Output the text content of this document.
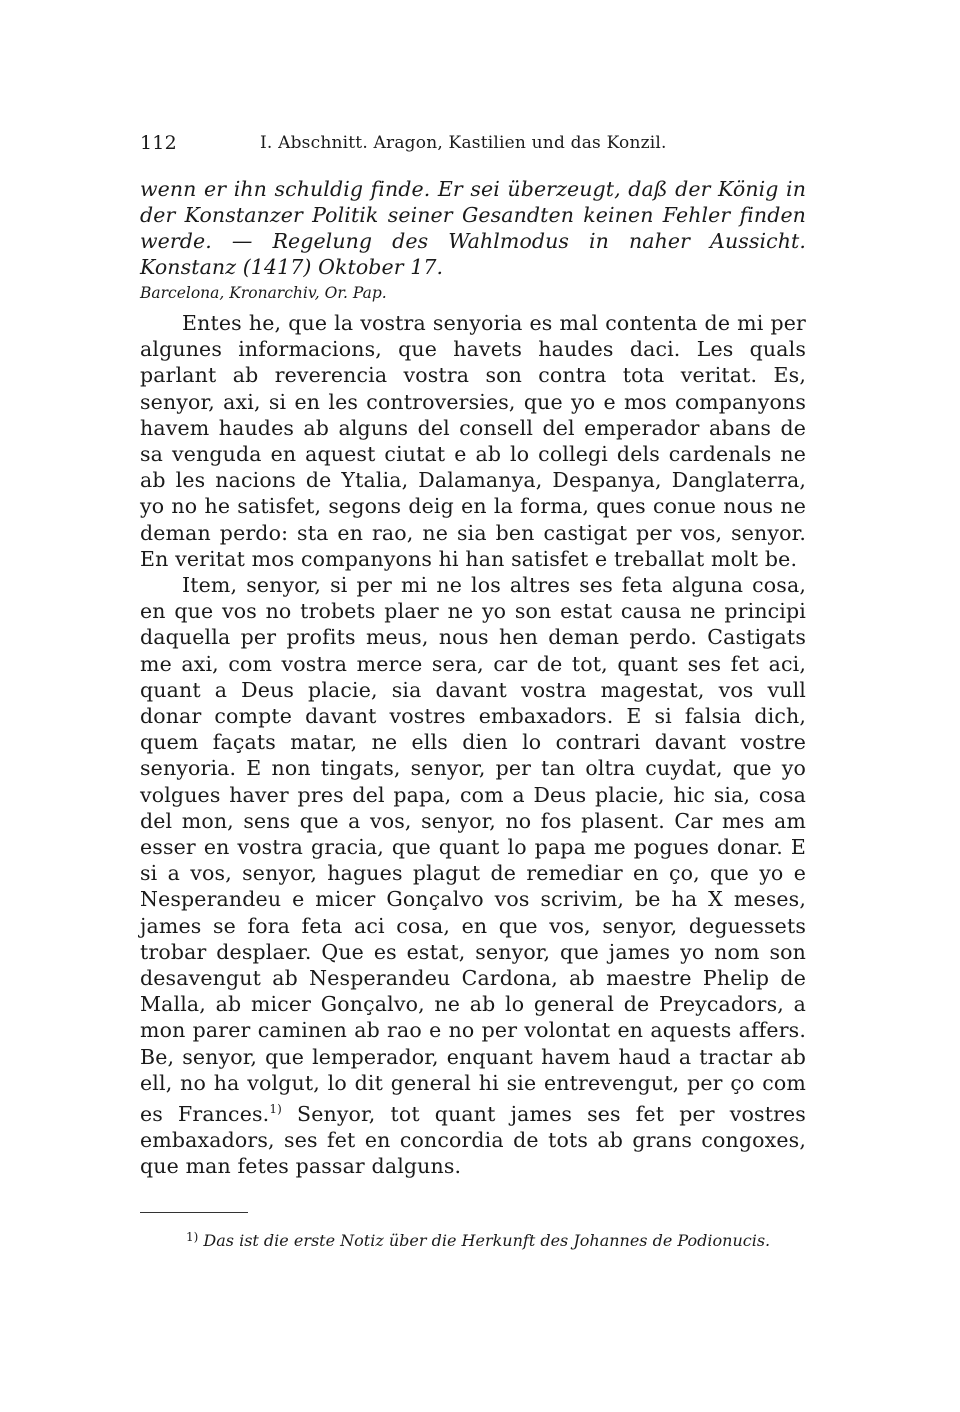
112	I. Abschnitt. Aragon, Kastilien und das Konzil.

wenn er ihn schuldig finde. Er sei überzeugt, daß der König in der Konstanzer Politik seiner Gesandten keinen Fehler finden werde. — Regelung des Wahlmodus in naher Aussicht. Konstanz (1417) Oktober 17.

Barcelona, Kronarchiv, Or. Pap.

Entes he, que la vostra senyoria es mal contenta de mi per algunes informacions, que havets haudes daci. Les quals parlant ab reverencia vostra son contra tota veritat. Es, senyor, axi, si en les controversies, que yo e mos companyons havem haudes ab alguns del consell del emperador abans de sa venguda en aquest ciutat e ab lo collegi dels cardenals ne ab les nacions de Ytalia, Dalamanya, Despanya, Danglaterra, yo no he satisfet, segons deig en la forma, ques conue nous ne deman perdo: sta en rao, ne sia ben castigat per vos, senyor. En veritat mos companyons hi han satisfet e treballat molt be.

Item, senyor, si per mi ne los altres ses feta alguna cosa, en que vos no trobets plaer ne yo son estat causa ne principi daquella per profits meus, nous hen deman perdo. Castigats me axi, com vostra merce sera, car de tot, quant ses fet aci, quant a Deus placie, sia davant vostra magestat, vos vull donar compte davant vostres embaxadors. E si falsia dich, quem façats matar, ne ells dien lo contrari davant vostre senyoria. E non tingats, senyor, per tan oltra cuydat, que yo volgues haver pres del papa, com a Deus placie, hic sia, cosa del mon, sens que a vos, senyor, no fos plasent. Car mes am esser en vostra gracia, que quant lo papa me pogues donar. E si a vos, senyor, hagues plagut de remediar en ço, que yo e Nesperandeu e micer Gonçalvo vos scrivim, be ha X meses, james se fora feta aci cosa, en que vos, senyor, deguessets trobar desplaer. Que es estat, senyor, que james yo nom son desavengut ab Nesperandeu Cardona, ab maestre Phelip de Malla, ab micer Gonçalvo, ne ab lo general de Preycadors, a mon parer caminen ab rao e no per volontat en aquests affers. Be, senyor, que lemperador, enquant havem haud a tractar ab ell, no ha volgut, lo dit general hi sie entrevengut, per ço com es Frances.$^{1)}$ Senyor, tot quant james ses fet per vostres embaxadors, ses fet en concordia de tots ab grans congoxes, que man fetes passar dalguns.

$^{1)}$ Das ist die erste Notiz über die Herkunft des Johannes de Podionucis.
